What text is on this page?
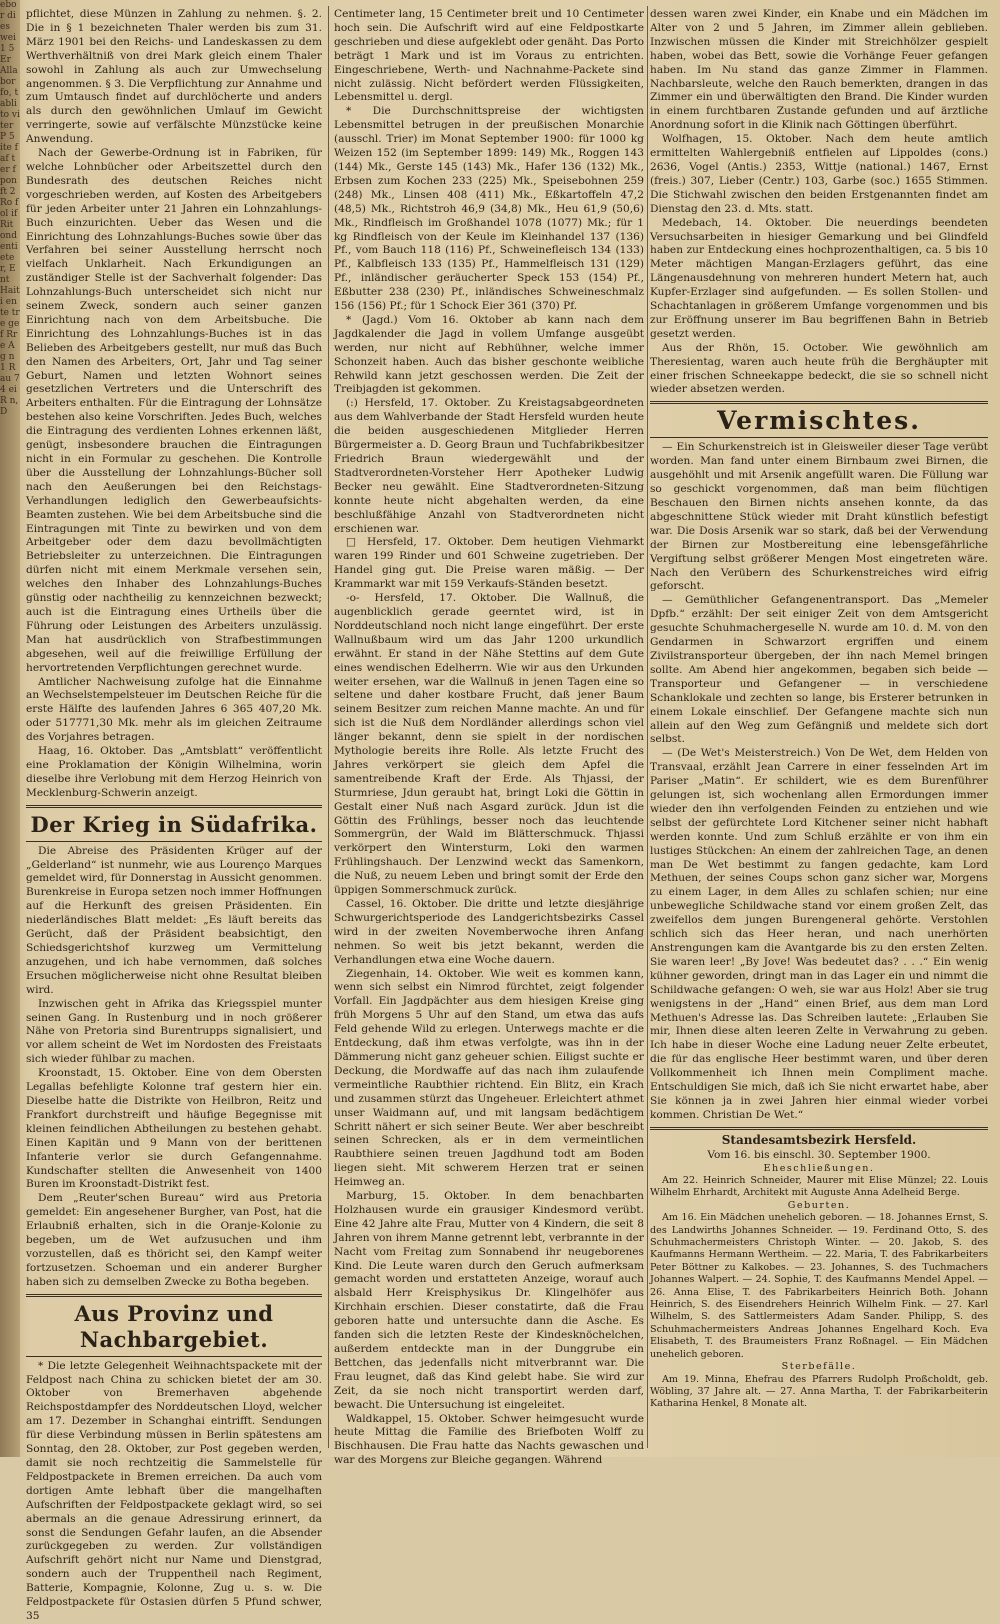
ebor dies wei 1 5 Er Alla bor fo, tabli to vi ter P 5 ite f af ter f pon ft 2 Ro fol if Rit ond enti eter, Ent Haiti ente tre gef Rr e Ag n 1 Rau 7 4 ei R n, D

pflichtet, diese Münzen in Zahlung zu nehmen. §. 2. Die in § 1 bezeichneten Thaler werden bis zum 31. März 1901 bei den Reichs- und Landeskassen zu dem Werthverhältniß von drei Mark gleich einem Thaler sowohl in Zahlung als auch zur Umwechselung angenommen. § 3. Die Verpflichtung zur Annahme und zum Umtausch findet auf durchlöcherte und anders als durch den gewöhnlichen Umlauf im Gewicht verringerte, sowie auf verfälschte Münzstücke keine Anwendung.

Nach der Gewerbe-Ordnung ist in Fabriken, für welche Lohnbücher oder Arbeitszettel durch den Bundesrath des deutschen Reiches nicht vorgeschrieben werden, auf Kosten des Arbeitgebers für jeden Arbeiter unter 21 Jahren ein Lohnzahlungs-Buch einzurichten. Ueber das Wesen und die Einrichtung des Lohnzahlungs-Buches sowie über das Verfahren bei seiner Ausstellung herrscht noch vielfach Unklarheit. Nach Erkundigungen an zuständiger Stelle ist der Sachverhalt folgender: Das Lohnzahlungs-Buch unterscheidet sich nicht nur seinem Zweck, sondern auch seiner ganzen Einrichtung nach von dem Arbeitsbuche. Die Einrichtung des Lohnzahlungs-Buches ist in das Belieben des Arbeitgebers gestellt, nur muß das Buch den Namen des Arbeiters, Ort, Jahr und Tag seiner Geburt, Namen und letzten Wohnort seines gesetzlichen Vertreters und die Unterschrift des Arbeiters enthalten. Für die Eintragung der Lohnsätze bestehen also keine Vorschriften. Jedes Buch, welches die Eintragung des verdienten Lohnes erkennen läßt, genügt, insbesondere brauchen die Eintragungen nicht in ein Formular zu geschehen. Die Kontrolle über die Ausstellung der Lohnzahlungs-Bücher soll nach den Aeußerungen bei den Reichstags-Verhandlungen lediglich den Gewerbeaufsichts-Beamten zustehen. Wie bei dem Arbeitsbuche sind die Eintragungen mit Tinte zu bewirken und von dem Arbeitgeber oder dem dazu bevollmächtigten Betriebsleiter zu unterzeichnen. Die Eintragungen dürfen nicht mit einem Merkmale versehen sein, welches den Inhaber des Lohnzahlungs-Buches günstig oder nachtheilig zu kennzeichnen bezweckt; auch ist die Eintragung eines Urtheils über die Führung oder Leistungen des Arbeiters unzulässig. Man hat ausdrücklich von Strafbestimmungen abgesehen, weil auf die freiwillige Erfüllung der hervortretenden Verpflichtungen gerechnet wurde.

Amtlicher Nachweisung zufolge hat die Einnahme an Wechselstempelsteuer im Deutschen Reiche für die erste Hälfte des laufenden Jahres 6 365 407,20 Mk. oder 517771,30 Mk. mehr als im gleichen Zeitraume des Vorjahres betragen.

Haag, 16. Oktober. Das „Amtsblatt“ veröffentlicht eine Proklamation der Königin Wilhelmina, worin dieselbe ihre Verlobung mit dem Herzog Heinrich von Mecklenburg-Schwerin anzeigt.

Der Krieg in Südafrika.

Die Abreise des Präsidenten Krüger auf der „Gelderland“ ist nunmehr, wie aus Lourenço Marques gemeldet wird, für Donnerstag in Aussicht genommen. Burenkreise in Europa setzen noch immer Hoffnungen auf die Herkunft des greisen Präsidenten. Ein niederländisches Blatt meldet: „Es läuft bereits das Gerücht, daß der Präsident beabsichtigt, den Schiedsgerichtshof kurzweg um Vermittelung anzugehen, und ich habe vernommen, daß solches Ersuchen möglicherweise nicht ohne Resultat bleiben wird.

Inzwischen geht in Afrika das Kriegsspiel munter seinen Gang. In Rustenburg und in noch größerer Nähe von Pretoria sind Burentrupps signalisiert, und vor allem scheint de Wet im Nordosten des Freistaats sich wieder fühlbar zu machen.

Kroonstadt, 15. Oktober. Eine von dem Obersten Legallas befehligte Kolonne traf gestern hier ein. Dieselbe hatte die Distrikte von Heilbron, Reitz und Frankfort durchstreift und häufige Begegnisse mit kleinen feindlichen Abtheilungen zu bestehen gehabt. Einen Kapitän und 9 Mann von der berittenen Infanterie verlor sie durch Gefangennahme. Kundschafter stellten die Anwesenheit von 1400 Buren im Kroonstadt-Distrikt fest.

Dem „Reuter'schen Bureau“ wird aus Pretoria gemeldet: Ein angesehener Burgher, van Post, hat die Erlaubniß erhalten, sich in die Oranje-Kolonie zu begeben, um de Wet aufzusuchen und ihm vorzustellen, daß es thöricht sei, den Kampf weiter fortzusetzen. Schoeman und ein anderer Burgher haben sich zu demselben Zwecke zu Botha begeben.

Aus Provinz und Nachbargebiet.

* Die letzte Gelegenheit Weihnachtspackete mit der Feldpost nach China zu schicken bietet der am 30. Oktober von Bremerhaven abgehende Reichspostdampfer des Norddeutschen Lloyd, welcher am 17. Dezember in Schanghai eintrifft. Sendungen für diese Verbindung müssen in Berlin spätestens am Sonntag, den 28. Oktober, zur Post gegeben werden, damit sie noch rechtzeitig die Sammelstelle für Feldpostpackete in Bremen erreichen. Da auch vom dortigen Amte lebhaft über die mangelhaften Aufschriften der Feldpostpackete geklagt wird, so sei abermals an die genaue Adressirung erinnert, da sonst die Sendungen Gefahr laufen, an die Absender zurückgegeben zu werden. Zur vollständigen Aufschrift gehört nicht nur Name und Dienstgrad, sondern auch der Truppentheil nach Regiment, Batterie, Kompagnie, Kolonne, Zug u. s. w. Die Feldpostpackete für Ostasien dürfen 5 Pfund schwer, 35

Centimeter lang, 15 Centimeter breit und 10 Centimeter hoch sein. Die Aufschrift wird auf eine Feldpostkarte geschrieben und diese aufgeklebt oder genäht. Das Porto beträgt 1 Mark und ist im Voraus zu entrichten. Eingeschriebene, Werth- und Nachnahme-Packete sind nicht zulässig. Nicht befördert werden Flüssigkeiten, Lebensmittel u. dergl.

* Die Durchschnittspreise der wichtigsten Lebensmittel betrugen in der preußischen Monarchie (ausschl. Trier) im Monat September 1900: für 1000 kg Weizen 152 (im September 1899: 149) Mk., Roggen 143 (144) Mk., Gerste 145 (143) Mk., Hafer 136 (132) Mk., Erbsen zum Kochen 233 (225) Mk., Speisebohnen 259 (248) Mk., Linsen 408 (411) Mk., Eßkartoffeln 47,2 (48,5) Mk., Richtstroh 46,9 (34,8) Mk., Heu 61,9 (50,6) Mk., Rindfleisch im Großhandel 1078 (1077) Mk.; für 1 kg Rindfleisch von der Keule im Kleinhandel 137 (136) Pf., vom Bauch 118 (116) Pf., Schweinefleisch 134 (133) Pf., Kalbfleisch 133 (135) Pf., Hammelfleisch 131 (129) Pf., inländischer geräucherter Speck 153 (154) Pf., Eßbutter 238 (230) Pf., inländisches Schweineschmalz 156 (156) Pf.; für 1 Schock Eier 361 (370) Pf.

* (Jagd.) Vom 16. Oktober ab kann nach dem Jagdkalender die Jagd in vollem Umfange ausgeübt werden, nur nicht auf Rebhühner, welche immer Schonzeit haben. Auch das bisher geschonte weibliche Rehwild kann jetzt geschossen werden. Die Zeit der Treibjagden ist gekommen.

(:) Hersfeld, 17. Oktober. Zu Kreistagsabgeordneten aus dem Wahlverbande der Stadt Hersfeld wurden heute die beiden ausgeschiedenen Mitglieder Herren Bürgermeister a. D. Georg Braun und Tuchfabrikbesitzer Friedrich Braun wiedergewählt und der Stadtverordneten-Vorsteher Herr Apotheker Ludwig Becker neu gewählt. Eine Stadtverordneten-Sitzung konnte heute nicht abgehalten werden, da eine beschlußfähige Anzahl von Stadtverordneten nicht erschienen war.

□ Hersfeld, 17. Oktober. Dem heutigen Viehmarkt waren 199 Rinder und 601 Schweine zugetrieben. Der Handel ging gut. Die Preise waren mäßig. — Der Krammarkt war mit 159 Verkaufs-Ständen besetzt.

-o- Hersfeld, 17. Oktober. Die Wallnuß, die augenblicklich gerade geerntet wird, ist in Norddeutschland noch nicht lange eingeführt. Der erste Wallnußbaum wird um das Jahr 1200 urkundlich erwähnt. Er stand in der Nähe Stettins auf dem Gute eines wendischen Edelherrn. Wie wir aus den Urkunden weiter ersehen, war die Wallnuß in jenen Tagen eine so seltene und daher kostbare Frucht, daß jener Baum seinem Besitzer zum reichen Manne machte. An und für sich ist die Nuß dem Nordländer allerdings schon viel länger bekannt, denn sie spielt in der nordischen Mythologie bereits ihre Rolle. Als letzte Frucht des Jahres verkörpert sie gleich dem Apfel die samentreibende Kraft der Erde. Als Thjassi, der Sturmriese, Jdun geraubt hat, bringt Loki die Göttin in Gestalt einer Nuß nach Asgard zurück. Jdun ist die Göttin des Frühlings, besser noch das leuchtende Sommergrün, der Wald im Blätterschmuck. Thjassi verkörpert den Wintersturm, Loki den warmen Frühlingshauch. Der Lenzwind weckt das Samenkorn, die Nuß, zu neuem Leben und bringt somit der Erde den üppigen Sommerschmuck zurück.

Cassel, 16. Oktober. Die dritte und letzte diesjährige Schwurgerichtsperiode des Landgerichtsbezirks Cassel wird in der zweiten Novemberwoche ihren Anfang nehmen. So weit bis jetzt bekannt, werden die Verhandlungen etwa eine Woche dauern.

Ziegenhain, 14. Oktober. Wie weit es kommen kann, wenn sich selbst ein Nimrod fürchtet, zeigt folgender Vorfall. Ein Jagdpächter aus dem hiesigen Kreise ging früh Morgens 5 Uhr auf den Stand, um etwa das aufs Feld gehende Wild zu erlegen. Unterwegs machte er die Entdeckung, daß ihm etwas verfolgte, was ihn in der Dämmerung nicht ganz geheuer schien. Eiligst suchte er Deckung, die Mordwaffe auf das nach ihm zulaufende vermeintliche Raubthier richtend. Ein Blitz, ein Krach und zusammen stürzt das Ungeheuer. Erleichtert athmet unser Waidmann auf, und mit langsam bedächtigem Schritt nähert er sich seiner Beute. Wer aber beschreibt seinen Schrecken, als er in dem vermeintlichen Raubthiere seinen treuen Jagdhund todt am Boden liegen sieht. Mit schwerem Herzen trat er seinen Heimweg an.

Marburg, 15. Oktober. In dem benachbarten Holzhausen wurde ein grausiger Kindesmord verübt. Eine 42 Jahre alte Frau, Mutter von 4 Kindern, die seit 8 Jahren von ihrem Manne getrennt lebt, verbrannte in der Nacht vom Freitag zum Sonnabend ihr neugeborenes Kind. Die Leute waren durch den Geruch aufmerksam gemacht worden und erstatteten Anzeige, worauf auch alsbald Herr Kreisphysikus Dr. Klingelhöfer aus Kirchhain erschien. Dieser constatirte, daß die Frau geboren hatte und untersuchte dann die Asche. Es fanden sich die letzten Reste der Kindesknöchelchen, außerdem entdeckte man in der Dunggrube ein Bettchen, das jedenfalls nicht mitverbrannt war. Die Frau leugnet, daß das Kind gelebt habe. Sie wird zur Zeit, da sie noch nicht transportirt werden darf, bewacht. Die Untersuchung ist eingeleitet.

Waldkappel, 15. Oktober. Schwer heimgesucht wurde heute Mittag die Familie des Briefboten Wolff zu Bischhausen. Die Frau hatte das Nachts gewaschen und war des Morgens zur Bleiche gegangen. Während

dessen waren zwei Kinder, ein Knabe und ein Mädchen im Alter von 2 und 5 Jahren, im Zimmer allein geblieben. Inzwischen müssen die Kinder mit Streichhölzer gespielt haben, wobei das Bett, sowie die Vorhänge Feuer gefangen haben. Im Nu stand das ganze Zimmer in Flammen. Nachbarsleute, welche den Rauch bemerkten, drangen in das Zimmer ein und überwältigten den Brand. Die Kinder wurden in einem furchtbaren Zustande gefunden und auf ärztliche Anordnung sofort in die Klinik nach Göttingen überführt.

Wolfhagen, 15. Oktober. Nach dem heute amtlich ermittelten Wahlergebniß entfielen auf Lippoldes (cons.) 2636, Vogel (Antis.) 2353, Wittje (national.) 1467, Ernst (freis.) 307, Lieber (Centr.) 103, Garbe (soc.) 1655 Stimmen. Die Stichwahl zwischen den beiden Erstgenannten findet am Dienstag den 23. d. Mts. statt.

Medebach, 14. Oktober. Die neuerdings beendeten Versuchsarbeiten in hiesiger Gemarkung und bei Glindfeld haben zur Entdeckung eines hochprozenthaltigen, ca. 5 bis 10 Meter mächtigen Mangan-Erzlagers geführt, das eine Längenausdehnung von mehreren hundert Metern hat, auch Kupfer-Erzlager sind aufgefunden. — Es sollen Stollen- und Schachtanlagen in größerem Umfange vorgenommen und bis zur Eröffnung unserer im Bau begriffenen Bahn in Betrieb gesetzt werden.

Aus der Rhön, 15. October. Wie gewöhnlich am Theresientag, waren auch heute früh die Berghäupter mit einer frischen Schneekappe bedeckt, die sie so schnell nicht wieder absetzen werden.

Vermischtes.

— Ein Schurkenstreich ist in Gleisweiler dieser Tage verübt worden. Man fand unter einem Birnbaum zwei Birnen, die ausgehöhlt und mit Arsenik angefüllt waren. Die Füllung war so geschickt vorgenommen, daß man beim flüchtigen Beschauen den Birnen nichts ansehen konnte, da das abgeschnittene Stück wieder mit Draht künstlich befestigt war. Die Dosis Arsenik war so stark, daß bei der Verwendung der Birnen zur Mostbereitung eine lebensgefährliche Vergiftung selbst größerer Mengen Most eingetreten wäre. Nach den Verübern des Schurkenstreiches wird eifrig geforscht.

— Gemüthlicher Gefangenentransport. Das „Memeler Dpfb.“ erzählt: Der seit einiger Zeit von dem Amtsgericht gesuchte Schuhmachergeselle N. wurde am 10. d. M. von den Gendarmen in Schwarzort ergriffen und einem Zivilstransporteur übergeben, der ihn nach Memel bringen sollte. Am Abend hier angekommen, begaben sich beide — Transporteur und Gefangener — in verschiedene Schanklokale und zechten so lange, bis Ersterer betrunken in einem Lokale einschlief. Der Gefangene machte sich nun allein auf den Weg zum Gefängniß und meldete sich dort selbst.

— (De Wet's Meisterstreich.) Von De Wet, dem Helden von Transvaal, erzählt Jean Carrere in einer fesselnden Art im Pariser „Matin“. Er schildert, wie es dem Burenführer gelungen ist, sich wochenlang allen Ermordungen immer wieder den ihn verfolgenden Feinden zu entziehen und wie selbst der gefürchtete Lord Kitchener seiner nicht habhaft werden konnte. Und zum Schluß erzählte er von ihm ein lustiges Stückchen: An einem der zahlreichen Tage, an denen man De Wet bestimmt zu fangen gedachte, kam Lord Methuen, der seines Coups schon ganz sicher war, Morgens zu einem Lager, in dem Alles zu schlafen schien; nur eine unbewegliche Schildwache stand vor einem großen Zelt, das zweifellos dem jungen Burengeneral gehörte. Verstohlen schlich sich das Heer heran, und nach unerhörten Anstrengungen kam die Avantgarde bis zu den ersten Zelten. Sie waren leer! „By Jove! Was bedeutet das? . . .“ Ein wenig kühner geworden, dringt man in das Lager ein und nimmt die Schildwache gefangen: O weh, sie war aus Holz! Aber sie trug wenigstens in der „Hand“ einen Brief, aus dem man Lord Methuen's Adresse las. Das Schreiben lautete: „Erlauben Sie mir, Ihnen diese alten leeren Zelte in Verwahrung zu geben. Ich habe in dieser Woche eine Ladung neuer Zelte erbeutet, die für das englische Heer bestimmt waren, und über deren Vollkommenheit ich Ihnen mein Compliment mache. Entschuldigen Sie mich, daß ich Sie nicht erwartet habe, aber Sie können ja in zwei Jahren hier einmal wieder vorbei kommen. Christian De Wet.“

Standesamtsbezirk Hersfeld.

Vom 16. bis einschl. 30. September 1900.

Eheschließungen.

Am 22. Heinrich Schneider, Maurer mit Elise Münzel; 22. Louis Wilhelm Ehrhardt, Architekt mit Auguste Anna Adelheid Berge.

Geburten.

Am 16. Ein Mädchen unehelich geboren. — 18. Johannes Ernst, S. des Landwirths Johannes Schneider. — 19. Ferdinand Otto, S. des Schuhmachermeisters Christoph Winter. — 20. Jakob, S. des Kaufmanns Hermann Wertheim. — 22. Maria, T. des Fabrikarbeiters Peter Böttner zu Kalkobes. — 23. Johannes, S. des Tuchmachers Johannes Walpert. — 24. Sophie, T. des Kaufmanns Mendel Appel. — 26. Anna Elise, T. des Fabrikarbeiters Heinrich Both. Johann Heinrich, S. des Eisendrehers Heinrich Wilhelm Fink. — 27. Karl Wilhelm, S. des Sattlermeisters Adam Sander. Philipp, S. des Schuhmachermeisters Andreas Johannes Engelhard Koch. Eva Elisabeth, T. des Braumeisters Franz Roßnagel. — Ein Mädchen unehelich geboren.

Sterbefälle.

Am 19. Minna, Ehefrau des Pfarrers Rudolph Proßcholdt, geb. Wöbling, 37 Jahre alt. — 27. Anna Martha, T. der Fabrikarbeiterin Katharina Henkel, 8 Monate alt.
